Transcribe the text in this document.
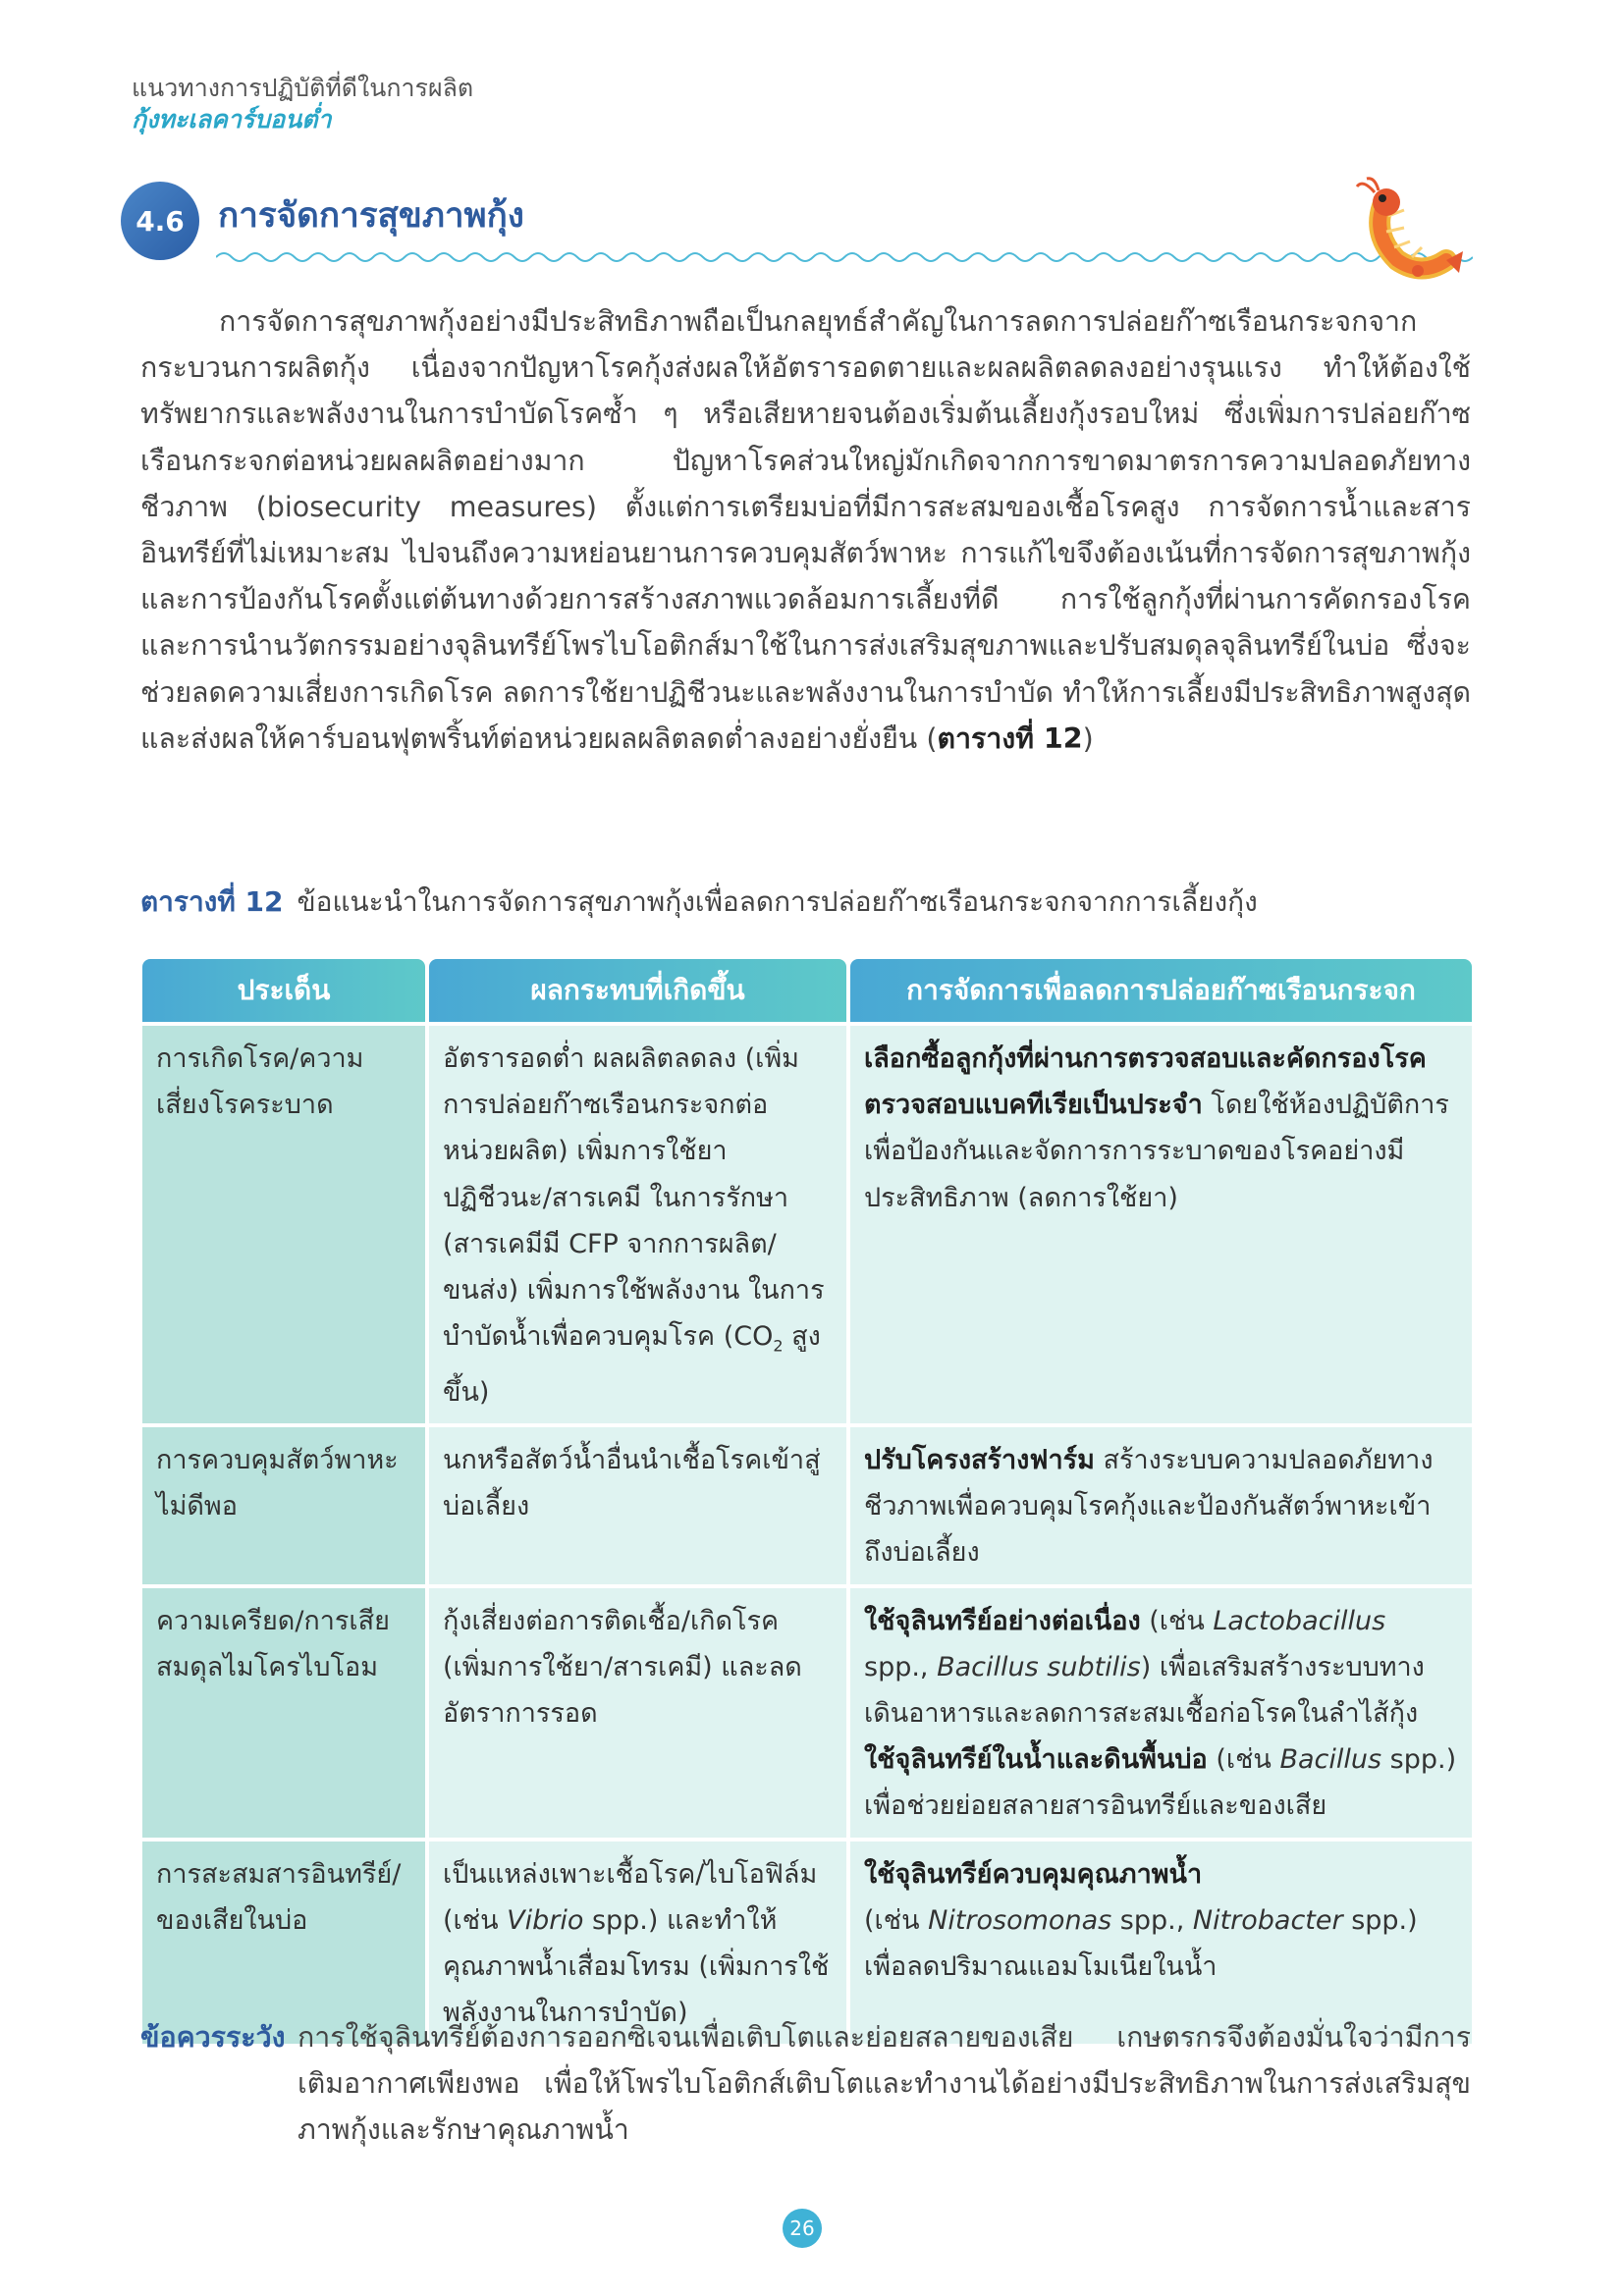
แนวทางการปฏิบัติที่ดีในการผลิต
กุ้งทะเลคาร์บอนต่ำ
4.6 การจัดการสุขภาพกุ้ง
การจัดการสุขภาพกุ้งอย่างมีประสิทธิภาพถือเป็นกลยุทธ์สำคัญในการลดการปล่อยก๊าซเรือนกระจกจากกระบวนการผลิตกุ้ง เนื่องจากปัญหาโรคกุ้งส่งผลให้อัตรารอดตายและผลผลิตลดลงอย่างรุนแรง ทำให้ต้องใช้ทรัพยากรและพลังงานในการบำบัดโรคซ้ำ ๆ หรือเสียหายจนต้องเริ่มต้นเลี้ยงกุ้งรอบใหม่ ซึ่งเพิ่มการปล่อยก๊าซเรือนกระจกต่อหน่วยผลผลิตอย่างมาก ปัญหาโรคส่วนใหญ่มักเกิดจากการขาดมาตรการความปลอดภัยทางชีวภาพ (biosecurity measures) ตั้งแต่การเตรียมบ่อที่มีการสะสมของเชื้อโรคสูง การจัดการน้ำและสารอินทรีย์ที่ไม่เหมาะสม ไปจนถึงความหย่อนยานการควบคุมสัตว์พาหะ การแก้ไขจึงต้องเน้นที่การจัดการสุขภาพกุ้งและการป้องกันโรคตั้งแต่ต้นทางด้วยการสร้างสภาพแวดล้อมการเลี้ยงที่ดี การใช้ลูกกุ้งที่ผ่านการคัดกรองโรค และการนำนวัตกรรมอย่างจุลินทรีย์โพรไบโอติกส์มาใช้ในการส่งเสริมสุขภาพและปรับสมดุลจุลินทรีย์ในบ่อ ซึ่งจะช่วยลดความเสี่ยงการเกิดโรค ลดการใช้ยาปฏิชีวนะและพลังงานในการบำบัด ทำให้การเลี้ยงมีประสิทธิภาพสูงสุดและส่งผลให้คาร์บอนฟุตพริ้นท์ต่อหน่วยผลผลิตลดต่ำลงอย่างยั่งยืน (ตารางที่ 12)
ตารางที่ 12 ข้อแนะนำในการจัดการสุขภาพกุ้งเพื่อลดการปล่อยก๊าซเรือนกระจกจากการเลี้ยงกุ้ง
ประเด็น	ผลกระทบที่เกิดขึ้น	การจัดการเพื่อลดการปล่อยก๊าซเรือนกระจก
การเกิดโรค/ความเสี่ยงโรคระบาด	อัตรารอดต่ำ ผลผลิตลดลง (เพิ่มการปล่อยก๊าซเรือนกระจกต่อหน่วยผลิต) เพิ่มการใช้ยาปฏิชีวนะ/สารเคมี ในการรักษา (สารเคมีมี CFP จากการผลิต/ขนส่ง) เพิ่มการใช้พลังงาน ในการบำบัดน้ำเพื่อควบคุมโรค ($CO_2$ สูงขึ้น)	เลือกซื้อลูกกุ้งที่ผ่านการตรวจสอบและคัดกรองโรค
ตรวจสอบแบคทีเรียเป็นประจำ โดยใช้ห้องปฏิบัติการเพื่อป้องกันและจัดการการระบาดของโรคอย่างมีประสิทธิภาพ (ลดการใช้ยา)
การควบคุมสัตว์พาหะไม่ดีพอ	นกหรือสัตว์น้ำอื่นนำเชื้อโรคเข้าสู่บ่อเลี้ยง	ปรับโครงสร้างฟาร์ม สร้างระบบความปลอดภัยทางชีวภาพเพื่อควบคุมโรคกุ้งและป้องกันสัตว์พาหะเข้าถึงบ่อเลี้ยง
ความเครียด/การเสียสมดุลไมโครไบโอม	กุ้งเสี่ยงต่อการติดเชื้อ/เกิดโรค (เพิ่มการใช้ยา/สารเคมี) และลดอัตราการรอด	ใช้จุลินทรีย์อย่างต่อเนื่อง (เช่น Lactobacillus spp., Bacillus subtilis) เพื่อเสริมสร้างระบบทางเดินอาหารและลดการสะสมเชื้อก่อโรคในลำไส้กุ้ง
ใช้จุลินทรีย์ในน้ำและดินพื้นบ่อ (เช่น Bacillus spp.) เพื่อช่วยย่อยสลายสารอินทรีย์และของเสีย
การสะสมสารอินทรีย์/ของเสียในบ่อ	เป็นแหล่งเพาะเชื้อโรค/ไบโอฟิล์ม (เช่น Vibrio spp.) และทำให้คุณภาพน้ำเสื่อมโทรม (เพิ่มการใช้พลังงานในการบำบัด)	ใช้จุลินทรีย์ควบคุมคุณภาพน้ำ
(เช่น Nitrosomonas spp., Nitrobacter spp.) เพื่อลดปริมาณแอมโมเนียในน้ำ
ข้อควรระวัง การใช้จุลินทรีย์ต้องการออกซิเจนเพื่อเติบโตและย่อยสลายของเสีย เกษตรกรจึงต้องมั่นใจว่ามีการเติมอากาศเพียงพอ เพื่อให้โพรไบโอติกส์เติบโตและทำงานได้อย่างมีประสิทธิภาพในการส่งเสริมสุขภาพกุ้งและรักษาคุณภาพน้ำ
26
